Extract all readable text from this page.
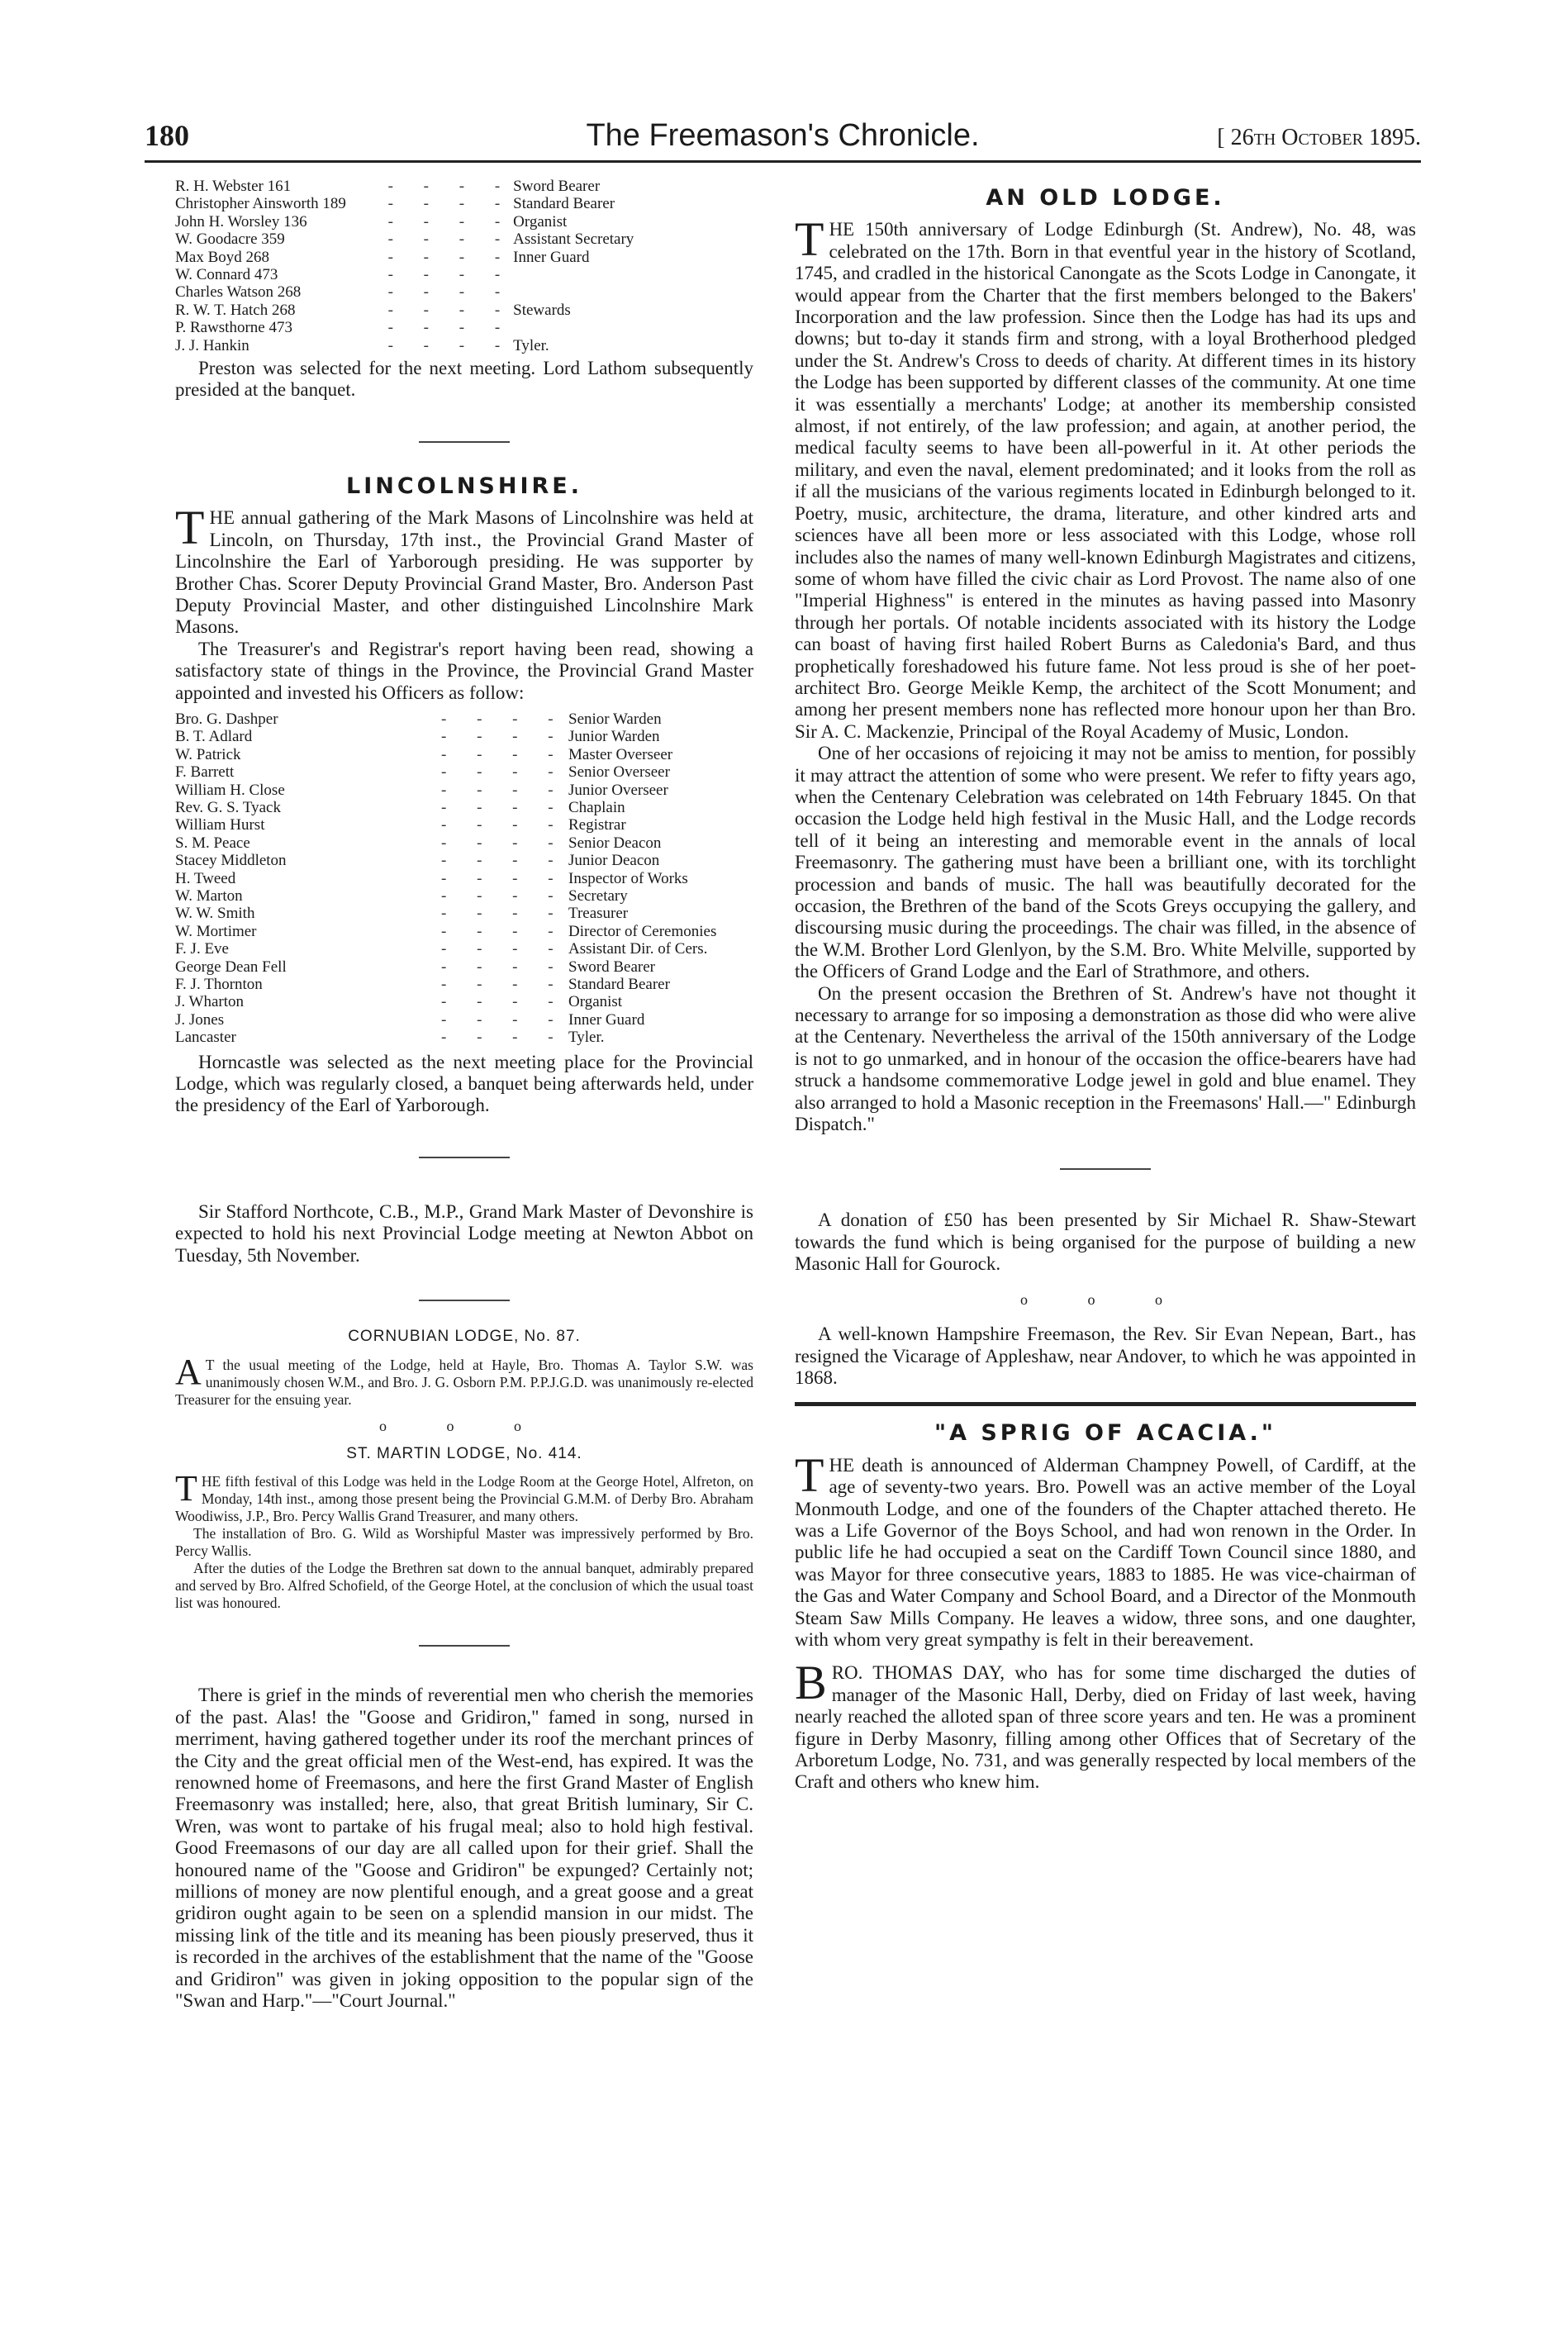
180	The Freemason's Chronicle.	[ 26th October 1895.
R. H. Webster 161	- - - -	Sword Bearer
Christopher Ainsworth 189	- - - -	Standard Bearer
John H. Worsley 136	- - - -	Organist
W. Goodacre 359	- - - -	Assistant Secretary
Max Boyd 268	- - - -	Inner Guard
W. Connard 473	- - - -	
Charles Watson 268	- - - -	
R. W. T. Hatch 268	- - - -	Stewards
P. Rawsthorne 473	- - - -	
J. J. Hankin	- - - -	Tyler.

Preston was selected for the next meeting. Lord Lathom subsequently presided at the banquet.

LINCOLNSHIRE.

THE annual gathering of the Mark Masons of Lincolnshire was held at Lincoln, on Thursday, 17th inst., the Provincial Grand Master of Lincolnshire the Earl of Yarborough presiding. He was supporter by Brother Chas. Scorer Deputy Provincial Grand Master, Bro. Anderson Past Deputy Provincial Master, and other distinguished Lincolnshire Mark Masons.

The Treasurer's and Registrar's report having been read, showing a satisfactory state of things in the Province, the Provincial Grand Master appointed and invested his Officers as follow:

Bro. G. Dashper	- - - -	Senior Warden
B. T. Adlard	- - - -	Junior Warden
W. Patrick	- - - -	Master Overseer
F. Barrett	- - - -	Senior Overseer
William H. Close	- - - -	Junior Overseer
Rev. G. S. Tyack	- - - -	Chaplain
William Hurst	- - - -	Registrar
S. M. Peace	- - - -	Senior Deacon
Stacey Middleton	- - - -	Junior Deacon
H. Tweed	- - - -	Inspector of Works
W. Marton	- - - -	Secretary
W. W. Smith	- - - -	Treasurer
W. Mortimer	- - - -	Director of Ceremonies
F. J. Eve	- - - -	Assistant Dir. of Cers.
George Dean Fell	- - - -	Sword Bearer
F. J. Thornton	- - - -	Standard Bearer
J. Wharton	- - - -	Organist
J. Jones	- - - -	Inner Guard
Lancaster	- - - -	Tyler.

Horncastle was selected as the next meeting place for the Provincial Lodge, which was regularly closed, a banquet being afterwards held, under the presidency of the Earl of Yarborough.

Sir Stafford Northcote, C.B., M.P., Grand Mark Master of Devonshire is expected to hold his next Provincial Lodge meeting at Newton Abbot on Tuesday, 5th November.

CORNUBIAN LODGE, No. 87.

A T the usual meeting of the Lodge, held at Hayle, Bro. Thomas A. Taylor S.W. was unanimously chosen W.M., and Bro. J. G. Osborn P.M. P.P.J.G.D. was unanimously re-elected Treasurer for the ensuing year.

o o o
ST. MARTIN LODGE, No. 414.

THE fifth festival of this Lodge was held in the Lodge Room at the George Hotel, Alfreton, on Monday, 14th inst., among those present being the Provincial G.M.M. of Derby Bro. Abraham Woodiwiss, J.P., Bro. Percy Wallis Grand Treasurer, and many others.

The installation of Bro. G. Wild as Worshipful Master was impressively performed by Bro. Percy Wallis.

After the duties of the Lodge the Brethren sat down to the annual banquet, admirably prepared and served by Bro. Alfred Schofield, of the George Hotel, at the conclusion of which the usual toast list was honoured.

There is grief in the minds of reverential men who cherish the memories of the past. Alas! the "Goose and Gridiron," famed in song, nursed in merriment, having gathered together under its roof the merchant princes of the City and the great official men of the West-end, has expired. It was the renowned home of Freemasons, and here the first Grand Master of English Freemasonry was installed; here, also, that great British luminary, Sir C. Wren, was wont to partake of his frugal meal; also to hold high festival. Good Freemasons of our day are all called upon for their grief. Shall the honoured name of the "Goose and Gridiron" be expunged? Certainly not; millions of money are now plentiful enough, and a great goose and a great gridiron ought again to be seen on a splendid mansion in our midst. The missing link of the title and its meaning has been piously preserved, thus it is recorded in the archives of the establishment that the name of the "Goose and Gridiron" was given in joking opposition to the popular sign of the "Swan and Harp."—"Court Journal."

AN OLD LODGE.

THE 150th anniversary of Lodge Edinburgh (St. Andrew), No. 48, was celebrated on the 17th. Born in that eventful year in the history of Scotland, 1745, and cradled in the historical Canongate as the Scots Lodge in Canongate, it would appear from the Charter that the first members belonged to the Bakers' Incorporation and the law profession. Since then the Lodge has had its ups and downs; but to-day it stands firm and strong, with a loyal Brotherhood pledged under the St. Andrew's Cross to deeds of charity. At different times in its history the Lodge has been supported by different classes of the community. At one time it was essentially a merchants' Lodge; at another its membership consisted almost, if not entirely, of the law profession; and again, at another period, the medical faculty seems to have been all-powerful in it. At other periods the military, and even the naval, element predominated; and it looks from the roll as if all the musicians of the various regiments located in Edinburgh belonged to it. Poetry, music, architecture, the drama, literature, and other kindred arts and sciences have all been more or less associated with this Lodge, whose roll includes also the names of many well-known Edinburgh Magistrates and citizens, some of whom have filled the civic chair as Lord Provost. The name also of one "Imperial Highness" is entered in the minutes as having passed into Masonry through her portals. Of notable incidents associated with its history the Lodge can boast of having first hailed Robert Burns as Caledonia's Bard, and thus prophetically foreshadowed his future fame. Not less proud is she of her poet-architect Bro. George Meikle Kemp, the architect of the Scott Monument; and among her present members none has reflected more honour upon her than Bro. Sir A. C. Mackenzie, Principal of the Royal Academy of Music, London.

One of her occasions of rejoicing it may not be amiss to mention, for possibly it may attract the attention of some who were present. We refer to fifty years ago, when the Centenary Celebration was celebrated on 14th February 1845. On that occasion the Lodge held high festival in the Music Hall, and the Lodge records tell of it being an interesting and memorable event in the annals of local Freemasonry. The gathering must have been a brilliant one, with its torchlight procession and bands of music. The hall was beautifully decorated for the occasion, the Brethren of the band of the Scots Greys occupying the gallery, and discoursing music during the proceedings. The chair was filled, in the absence of the W.M. Brother Lord Glenlyon, by the S.M. Bro. White Melville, supported by the Officers of Grand Lodge and the Earl of Strathmore, and others.

On the present occasion the Brethren of St. Andrew's have not thought it necessary to arrange for so imposing a demonstration as those did who were alive at the Centenary. Nevertheless the arrival of the 150th anniversary of the Lodge is not to go unmarked, and in honour of the occasion the office-bearers have had struck a handsome commemorative Lodge jewel in gold and blue enamel. They also arranged to hold a Masonic reception in the Freemasons' Hall.—" Edinburgh Dispatch."

A donation of £50 has been presented by Sir Michael R. Shaw-Stewart towards the fund which is being organised for the purpose of building a new Masonic Hall for Gourock.

o o o

A well-known Hampshire Freemason, the Rev. Sir Evan Nepean, Bart., has resigned the Vicarage of Appleshaw, near Andover, to which he was appointed in 1868.

"A SPRIG OF ACACIA."

THE death is announced of Alderman Champney Powell, of Cardiff, at the age of seventy-two years. Bro. Powell was an active member of the Loyal Monmouth Lodge, and one of the founders of the Chapter attached thereto. He was a Life Governor of the Boys School, and had won renown in the Order. In public life he had occupied a seat on the Cardiff Town Council since 1880, and was Mayor for three consecutive years, 1883 to 1885. He was vice-chairman of the Gas and Water Company and School Board, and a Director of the Monmouth Steam Saw Mills Company. He leaves a widow, three sons, and one daughter, with whom very great sympathy is felt in their bereavement.

BRO. THOMAS DAY, who has for some time discharged the duties of manager of the Masonic Hall, Derby, died on Friday of last week, having nearly reached the alloted span of three score years and ten. He was a prominent figure in Derby Masonry, filling among other Offices that of Secretary of the Arboretum Lodge, No. 731, and was generally respected by local members of the Craft and others who knew him.
